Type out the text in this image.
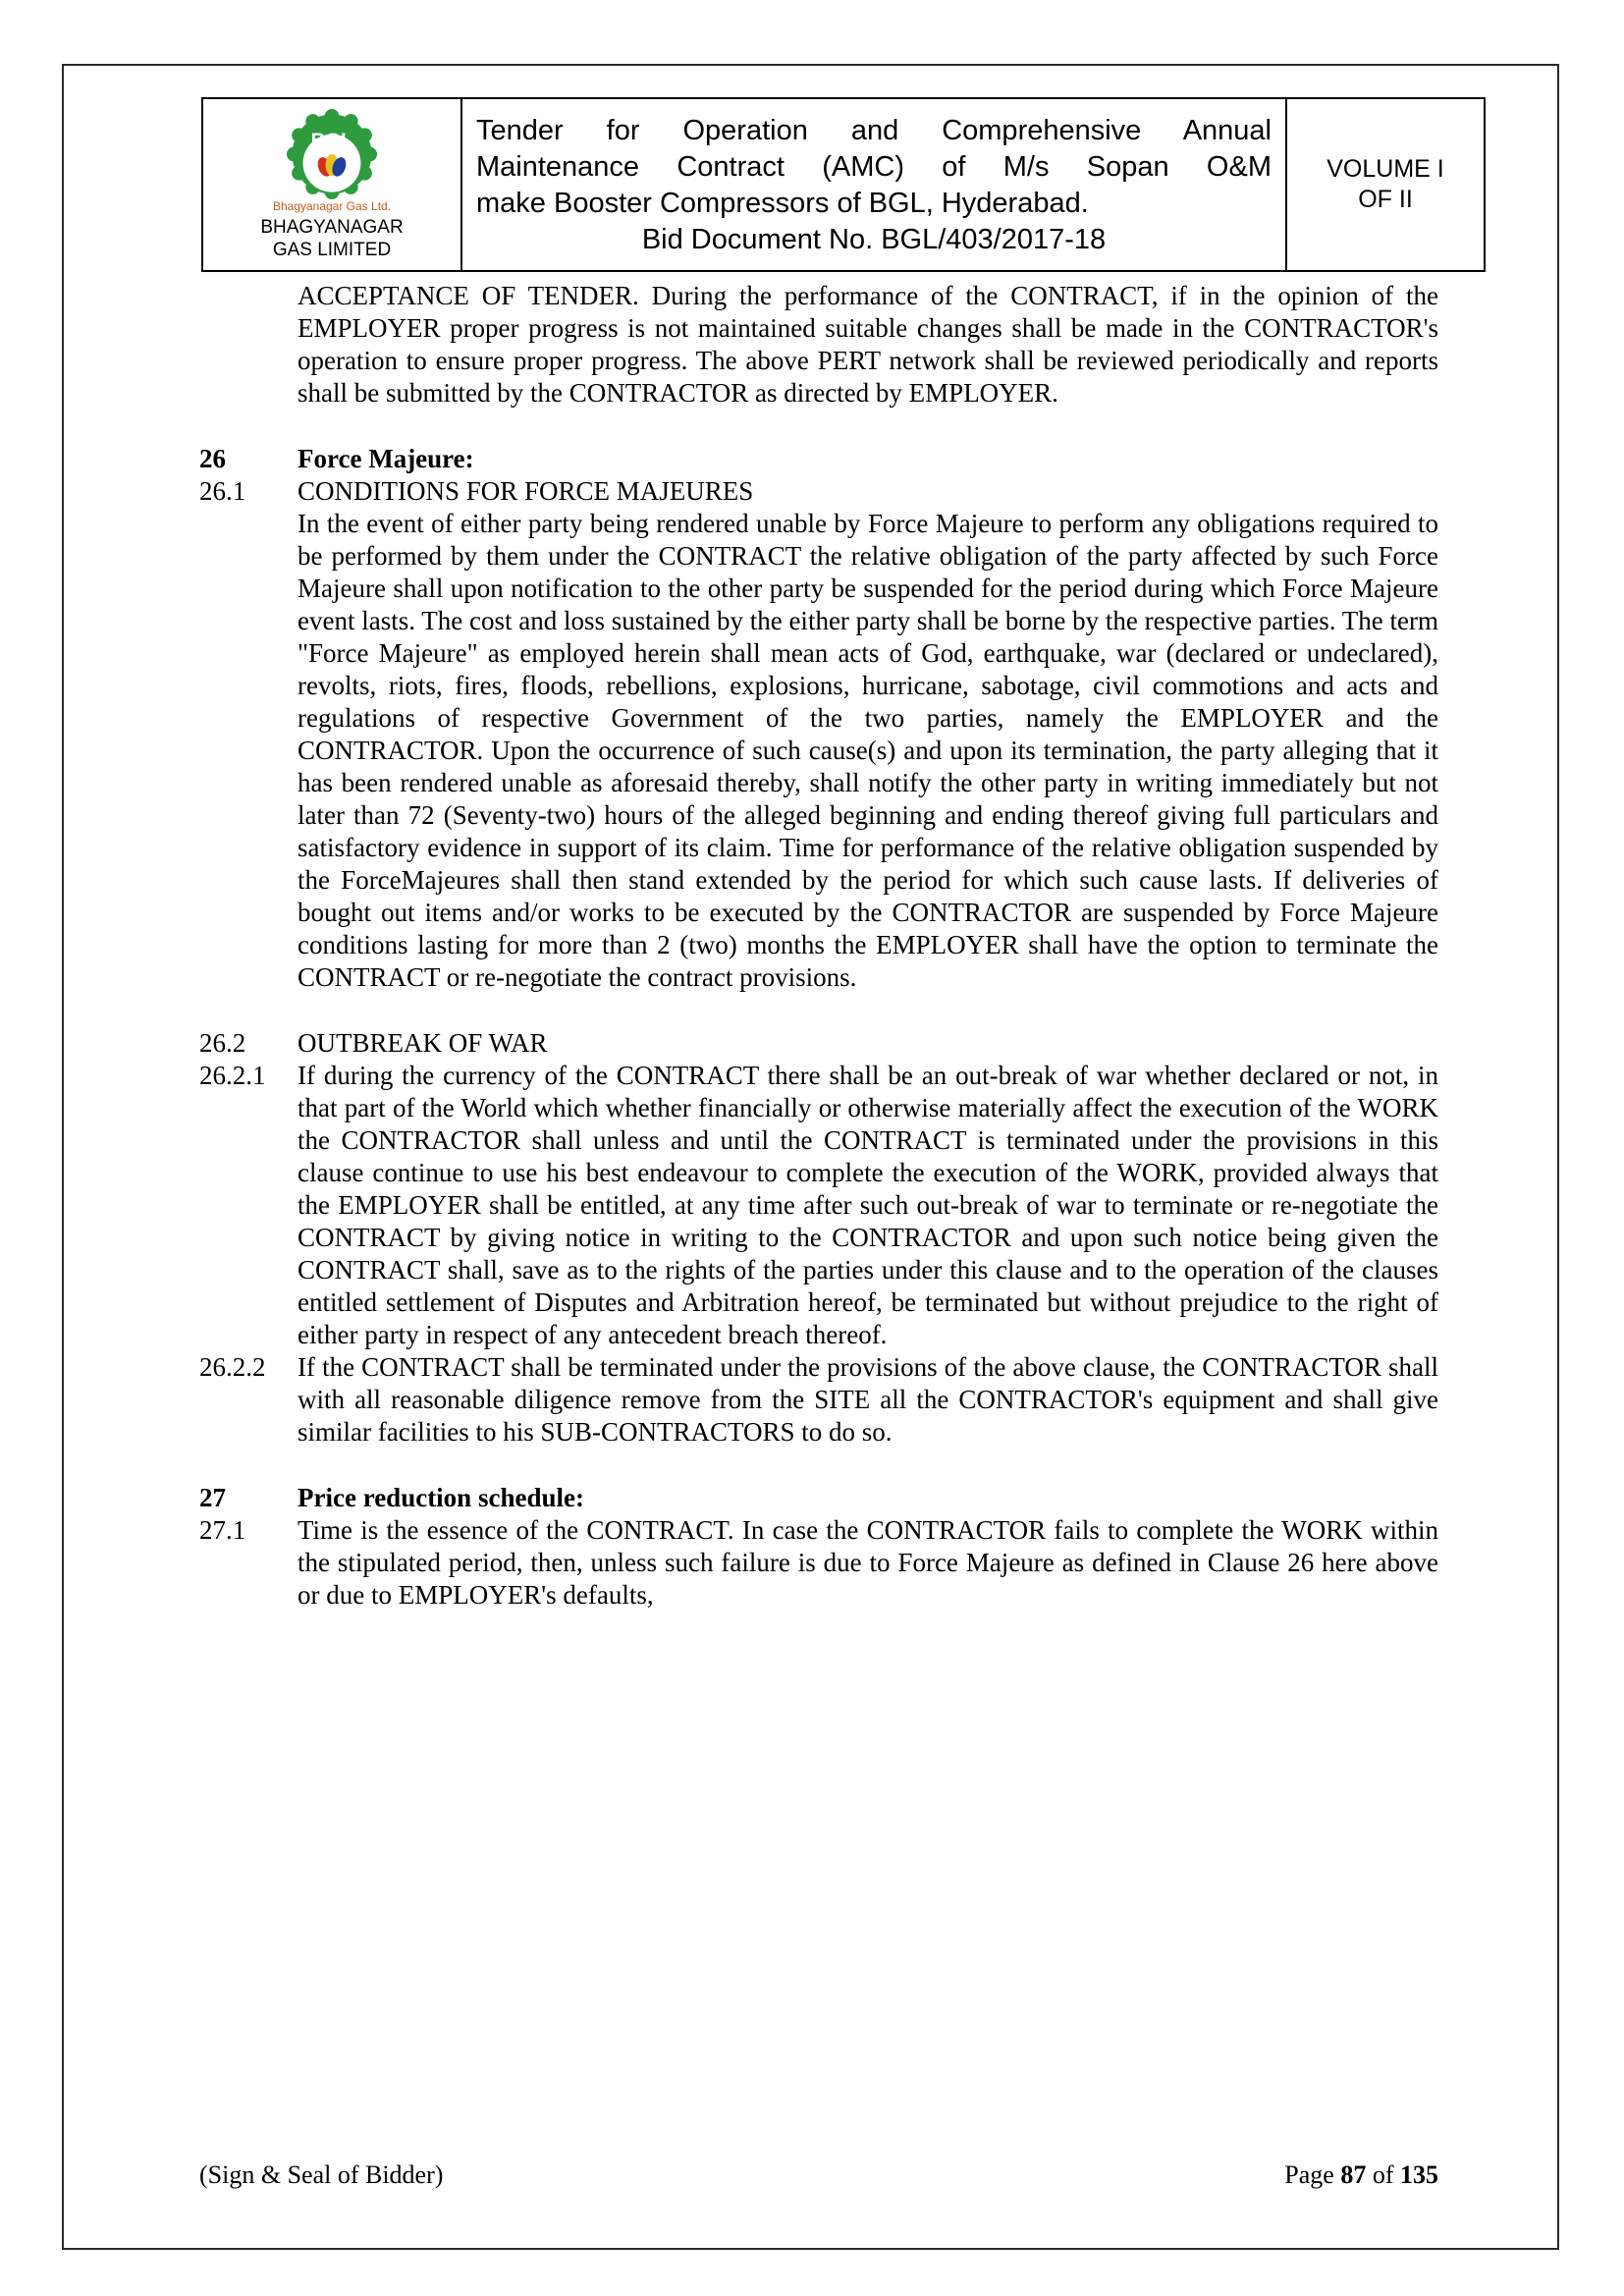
BGL
Bhagyanagar Gas Ltd.
BHAGYANAGAR GAS LIMITED
Tender for Operation and Comprehensive Annual
Maintenance Contract (AMC) of M/s Sopan O&M
make Booster Compressors of BGL, Hyderabad.
Bid Document No. BGL/403/2017-18
VOLUME I
OF II
ACCEPTANCE OF TENDER. During the performance of the CONTRACT, if in the opinion of the EMPLOYER proper progress is not maintained suitable changes shall be made in the CONTRACTOR's operation to ensure proper progress. The above PERT network shall be reviewed periodically and reports shall be submitted by the CONTRACTOR as directed by EMPLOYER.
26	Force Majeure:
26.1	CONDITIONS FOR FORCE MAJEURES
In the event of either party being rendered unable by Force Majeure to perform any obligations required to be performed by them under the CONTRACT the relative obligation of the party affected by such Force Majeure shall upon notification to the other party be suspended for the period during which Force Majeure event lasts. The cost and loss sustained by the either party shall be borne by the respective parties. The term "Force Majeure" as employed herein shall mean acts of God, earthquake, war (declared or undeclared), revolts, riots, fires, floods, rebellions, explosions, hurricane, sabotage, civil commotions and acts and regulations of respective Government of the two parties, namely the EMPLOYER and the CONTRACTOR. Upon the occurrence of such cause(s) and upon its termination, the party alleging that it has been rendered unable as aforesaid thereby, shall notify the other party in writing immediately but not later than 72 (Seventy-two) hours of the alleged beginning and ending thereof giving full particulars and satisfactory evidence in support of its claim. Time for performance of the relative obligation suspended by the ForceMajeures shall then stand extended by the period for which such cause lasts. If deliveries of bought out items and/or works to be executed by the CONTRACTOR are suspended by Force Majeure conditions lasting for more than 2 (two) months the EMPLOYER shall have the option to terminate the CONTRACT or re-negotiate the contract provisions.
26.2	OUTBREAK OF WAR
26.2.1	If during the currency of the CONTRACT there shall be an out-break of war whether declared or not, in that part of the World which whether financially or otherwise materially affect the execution of the WORK the CONTRACTOR shall unless and until the CONTRACT is terminated under the provisions in this clause continue to use his best endeavour to complete the execution of the WORK, provided always that the EMPLOYER shall be entitled, at any time after such out-break of war to terminate or re-negotiate the CONTRACT by giving notice in writing to the CONTRACTOR and upon such notice being given the CONTRACT shall, save as to the rights of the parties under this clause and to the operation of the clauses entitled settlement of Disputes and Arbitration hereof, be terminated but without prejudice to the right of either party in respect of any antecedent breach thereof.
26.2.2	If the CONTRACT shall be terminated under the provisions of the above clause, the CONTRACTOR shall with all reasonable diligence remove from the SITE all the CONTRACTOR's equipment and shall give similar facilities to his SUB-CONTRACTORS to do so.
27	Price reduction schedule:
27.1	Time is the essence of the CONTRACT. In case the CONTRACTOR fails to complete the WORK within the stipulated period, then, unless such failure is due to Force Majeure as defined in Clause 26 here above or due to EMPLOYER's defaults,
(Sign & Seal of Bidder)	Page 87 of 135
